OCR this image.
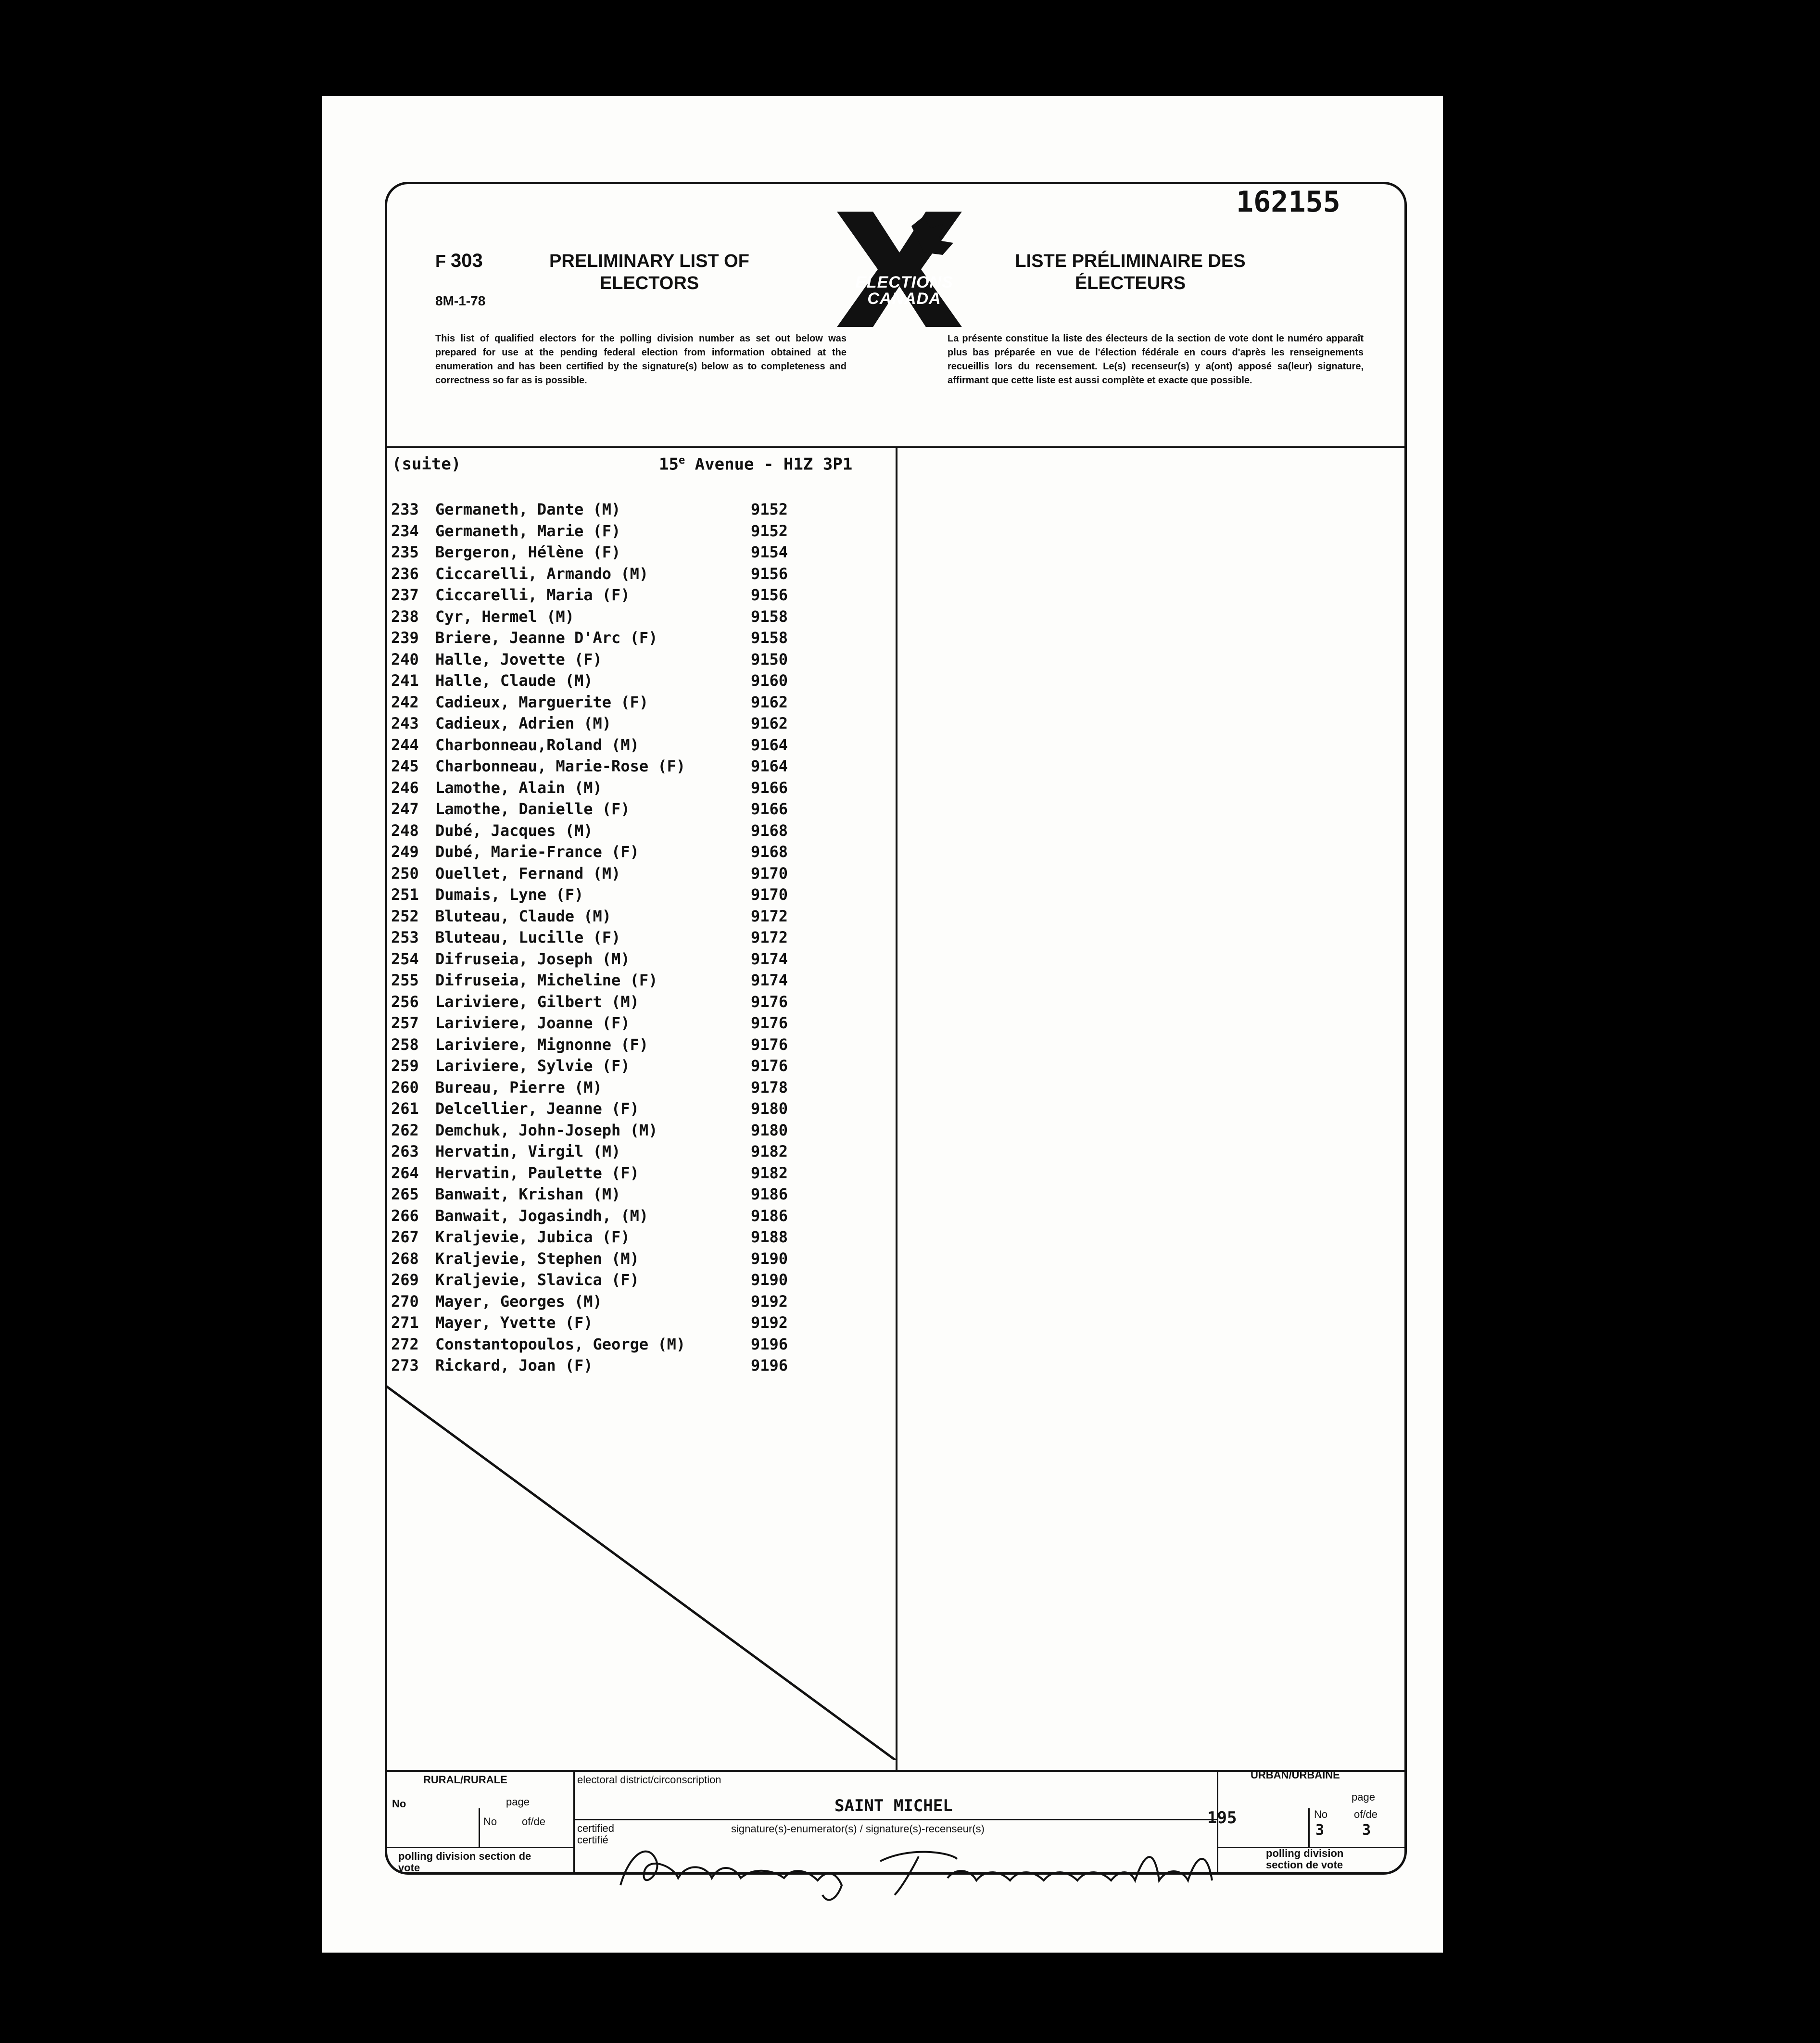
162155
F 303
8M-1-78
PRELIMINARY LIST OF ELECTORS
LISTE PRÉLIMINAIRE DES ÉLECTEURS
ELECTIONS CANADA
This list of qualified electors for the polling division number as set out below was prepared for use at the pending federal election from information obtained at the enumeration and has been certified by the signature(s) below as to completeness and correctness so far as is possible.
La présente constitue la liste des électeurs de la section de vote dont le numéro apparaît plus bas préparée en vue de l'élection fédérale en cours d'après les renseignements recueillis lors du recensement. Le(s) recenseur(s) y a(ont) apposé sa(leur) signature, affirmant que cette liste est aussi complète et exacte que possible.
(suite)	15e Avenue - H1Z 3P1
233 Germaneth, Dante (M)	9152
234 Germaneth, Marie (F)	9152
235 Bergeron, Hélène (F)	9154
236 Ciccarelli, Armando (M)	9156
237 Ciccarelli, Maria (F)	9156
238 Cyr, Hermel (M)	9158
239 Briere, Jeanne D'Arc (F)	9158
240 Halle, Jovette (F)	9150
241 Halle, Claude (M)	9160
242 Cadieux, Marguerite (F)	9162
243 Cadieux, Adrien (M)	9162
244 Charbonneau,Roland (M)	9164
245 Charbonneau, Marie-Rose (F)	9164
246 Lamothe, Alain (M)	9166
247 Lamothe, Danielle (F)	9166
248 Dubé, Jacques (M)	9168
249 Dubé, Marie-France (F)	9168
250 Ouellet, Fernand (M)	9170
251 Dumais, Lyne (F)	9170
252 Bluteau, Claude (M)	9172
253 Bluteau, Lucille (F)	9172
254 Difruseia, Joseph (M)	9174
255 Difruseia, Micheline (F)	9174
256 Lariviere, Gilbert (M)	9176
257 Lariviere, Joanne (F)	9176
258 Lariviere, Mignonne (F)	9176
259 Lariviere, Sylvie (F)	9176
260 Bureau, Pierre (M)	9178
261 Delcellier, Jeanne (F)	9180
262 Demchuk, John-Joseph (M)	9180
263 Hervatin, Virgil (M)	9182
264 Hervatin, Paulette (F)	9182
265 Banwait, Krishan (M)	9186
266 Banwait, Jogasindh, (M)	9186
267 Kraljevie, Jubica (F)	9188
268 Kraljevie, Stephen (M)	9190
269 Kraljevie, Slavica (F)	9190
270 Mayer, Georges (M)	9192
271 Mayer, Yvette (F)	9192
272 Constantopoulos, George (M)	9196
273 Rickard, Joan (F)	9196
RURAL/RURALE
No	page
No of/de
polling division section de vote
electoral district/circonscription
SAINT MICHEL
certified certifié
signature(s)-enumerator(s) / signature(s)-recenseur(s)
URBAN/URBAINE
page
195	No of/de
3	3
polling division section de vote
